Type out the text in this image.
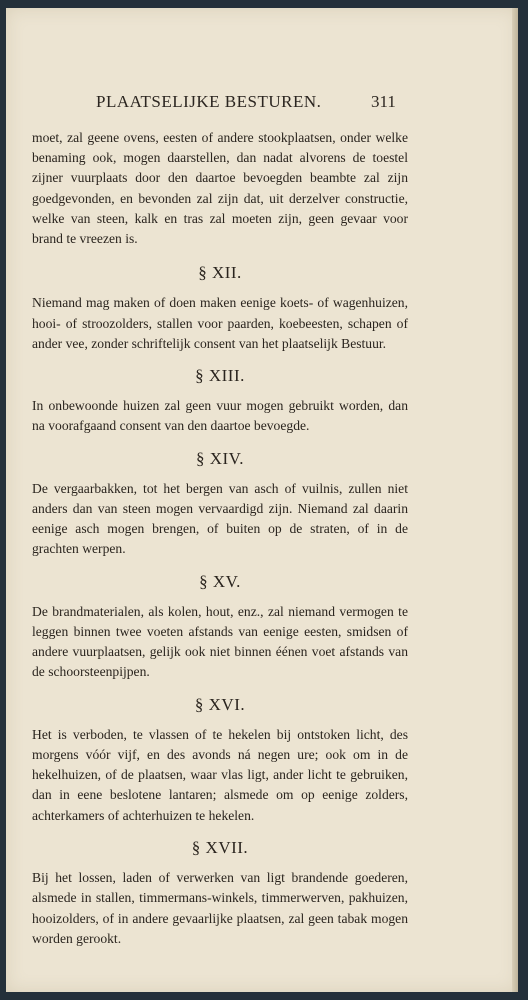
PLAATSELIJKE BESTUREN.	311

moet, zal geene ovens, eesten of andere stookplaatsen, onder welke benaming ook, mogen daarstellen, dan nadat alvorens de toestel zijner vuurplaats door den daartoe bevoegden beambte zal zijn goedgevonden, en bevonden zal zijn dat, uit derzelver constructie, welke van steen, kalk en tras zal moeten zijn, geen gevaar voor brand te vreezen is.

§ XII.

Niemand mag maken of doen maken eenige koets- of wagenhuizen, hooi- of stroozolders, stallen voor paarden, koebeesten, schapen of ander vee, zonder schriftelijk consent van het plaatselijk Bestuur.

§ XIII.

In onbewoonde huizen zal geen vuur mogen gebruikt worden, dan na voorafgaand consent van den daartoe bevoegde.

§ XIV.

De vergaarbakken, tot het bergen van asch of vuilnis, zullen niet anders dan van steen mogen vervaardigd zijn. Niemand zal daarin eenige asch mogen brengen, of buiten op de straten, of in de grachten werpen.

§ XV.

De brandmaterialen, als kolen, hout, enz., zal niemand vermogen te leggen binnen twee voeten afstands van eenige eesten, smidsen of andere vuurplaatsen, gelijk ook niet binnen éénen voet afstands van de schoorsteenpijpen.

§ XVI.

Het is verboden, te vlassen of te hekelen bij ontstoken licht, des morgens vóór vijf, en des avonds ná negen ure; ook om in de hekelhuizen, of de plaatsen, waar vlas ligt, ander licht te gebruiken, dan in eene beslotene lantaren; alsmede om op eenige zolders, achterkamers of achterhuizen te hekelen.

§ XVII.

Bij het lossen, laden of verwerken van ligt brandende goederen, alsmede in stallen, timmermans-winkels, timmerwerven, pakhuizen, hooizolders, of in andere gevaarlijke plaatsen, zal geen tabak mogen worden gerookt.
